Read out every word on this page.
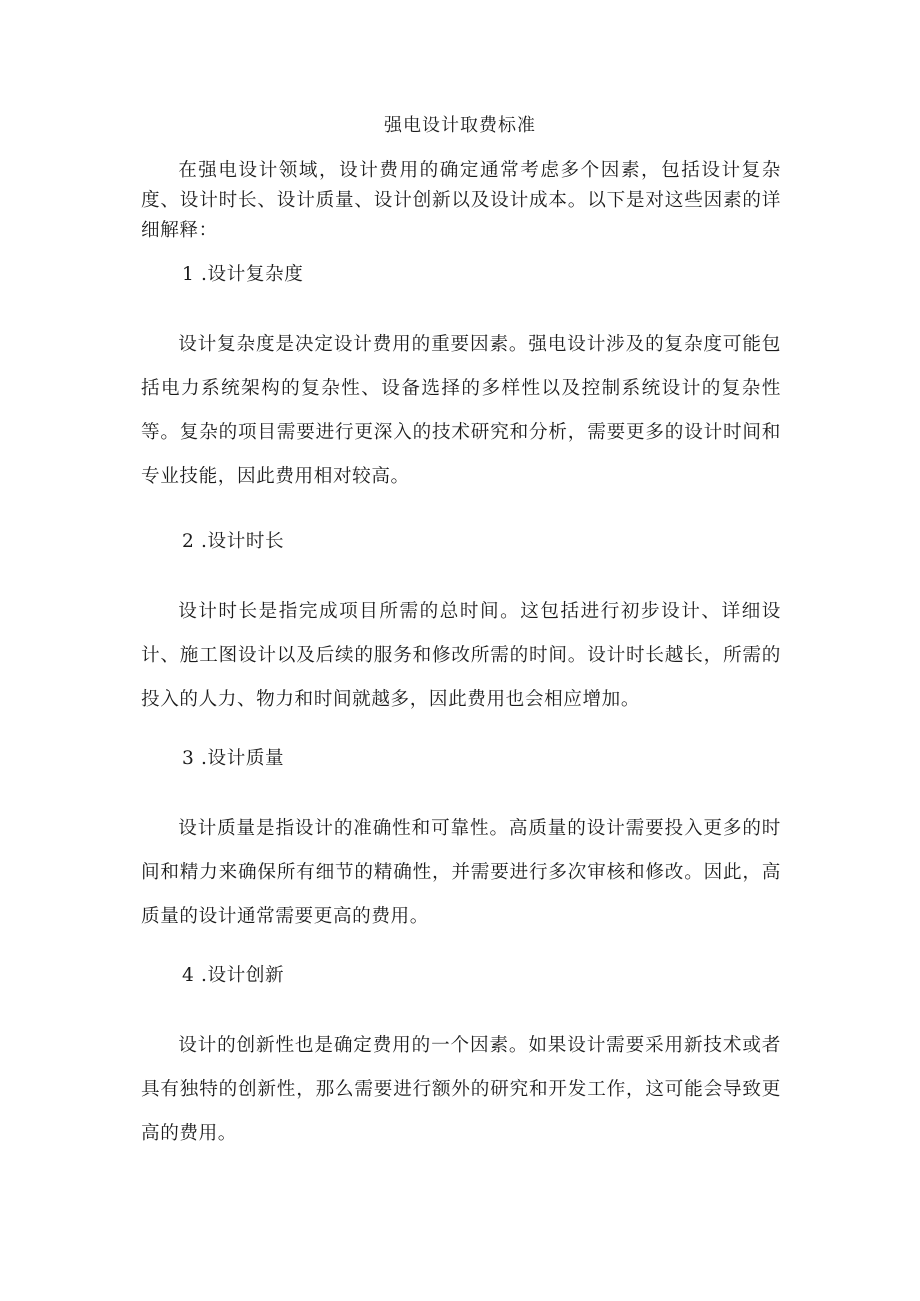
强电设计取费标准
在强电设计领域，设计费用的确定通常考虑多个因素，包括设计复杂度、设计时长、设计质量、设计创新以及设计成本。以下是对这些因素的详细解释：
1 .设计复杂度
设计复杂度是决定设计费用的重要因素。强电设计涉及的复杂度可能包括电力系统架构的复杂性、设备选择的多样性以及控制系统设计的复杂性等。复杂的项目需要进行更深入的技术研究和分析，需要更多的设计时间和专业技能，因此费用相对较高。
2 .设计时长
设计时长是指完成项目所需的总时间。这包括进行初步设计、详细设计、施工图设计以及后续的服务和修改所需的时间。设计时长越长，所需的投入的人力、物力和时间就越多，因此费用也会相应增加。
3 .设计质量
设计质量是指设计的准确性和可靠性。高质量的设计需要投入更多的时间和精力来确保所有细节的精确性，并需要进行多次审核和修改。因此，高质量的设计通常需要更高的费用。
4 .设计创新
设计的创新性也是确定费用的一个因素。如果设计需要采用新技术或者具有独特的创新性，那么需要进行额外的研究和开发工作，这可能会导致更高的费用。
